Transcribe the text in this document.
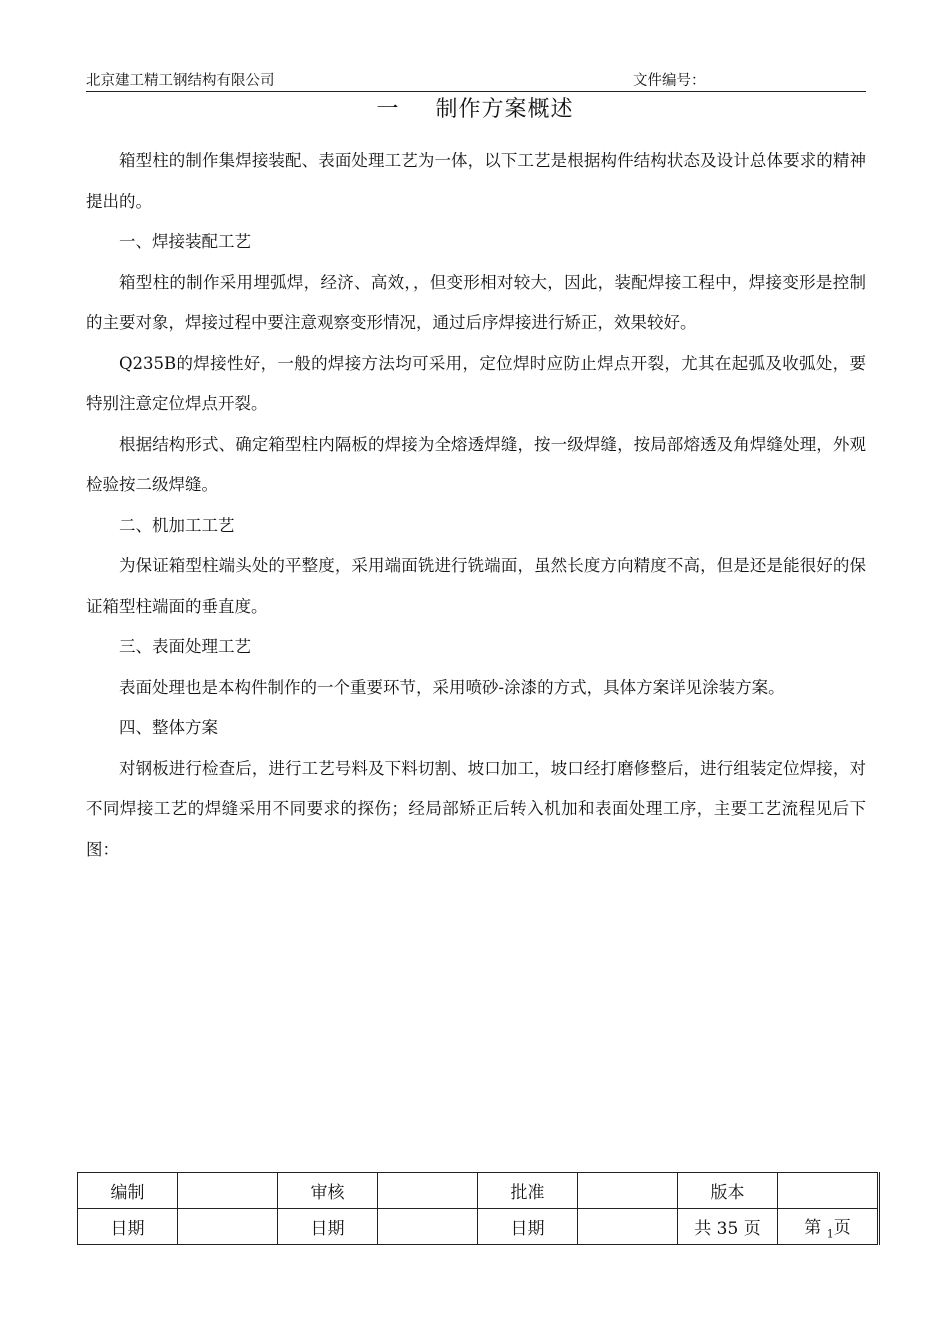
北京建工精工钢结构有限公司	文件编号：
一 制作方案概述

箱型柱的制作集焊接装配、表面处理工艺为一体，以下工艺是根据构件结构状态及设计总体要求的精神提出的。

一、焊接装配工艺

箱型柱的制作采用埋弧焊，经济、高效，，但变形相对较大，因此，装配焊接工程中，焊接变形是控制的主要对象，焊接过程中要注意观察变形情况，通过后序焊接进行矫正，效果较好。

Q235B的焊接性好，一般的焊接方法均可采用，定位焊时应防止焊点开裂，尤其在起弧及收弧处，要特别注意定位焊点开裂。

根据结构形式、确定箱型柱内隔板的焊接为全熔透焊缝，按一级焊缝，按局部熔透及角焊缝处理，外观检验按二级焊缝。

二、机加工工艺

为保证箱型柱端头处的平整度，采用端面铣进行铣端面，虽然长度方向精度不高，但是还是能很好的保证箱型柱端面的垂直度。

三、表面处理工艺

表面处理也是本构件制作的一个重要环节，采用喷砂-涂漆的方式，具体方案详见涂装方案。

四、整体方案

对钢板进行检查后，进行工艺号料及下料切割、坡口加工，坡口经打磨修整后，进行组装定位焊接，对不同焊接工艺的焊缝采用不同要求的探伤；经局部矫正后转入机加和表面处理工序，主要工艺流程见后下图：

编制		审核		批准		版本	
日期		日期		日期		共 35 页	第 $_1$页
